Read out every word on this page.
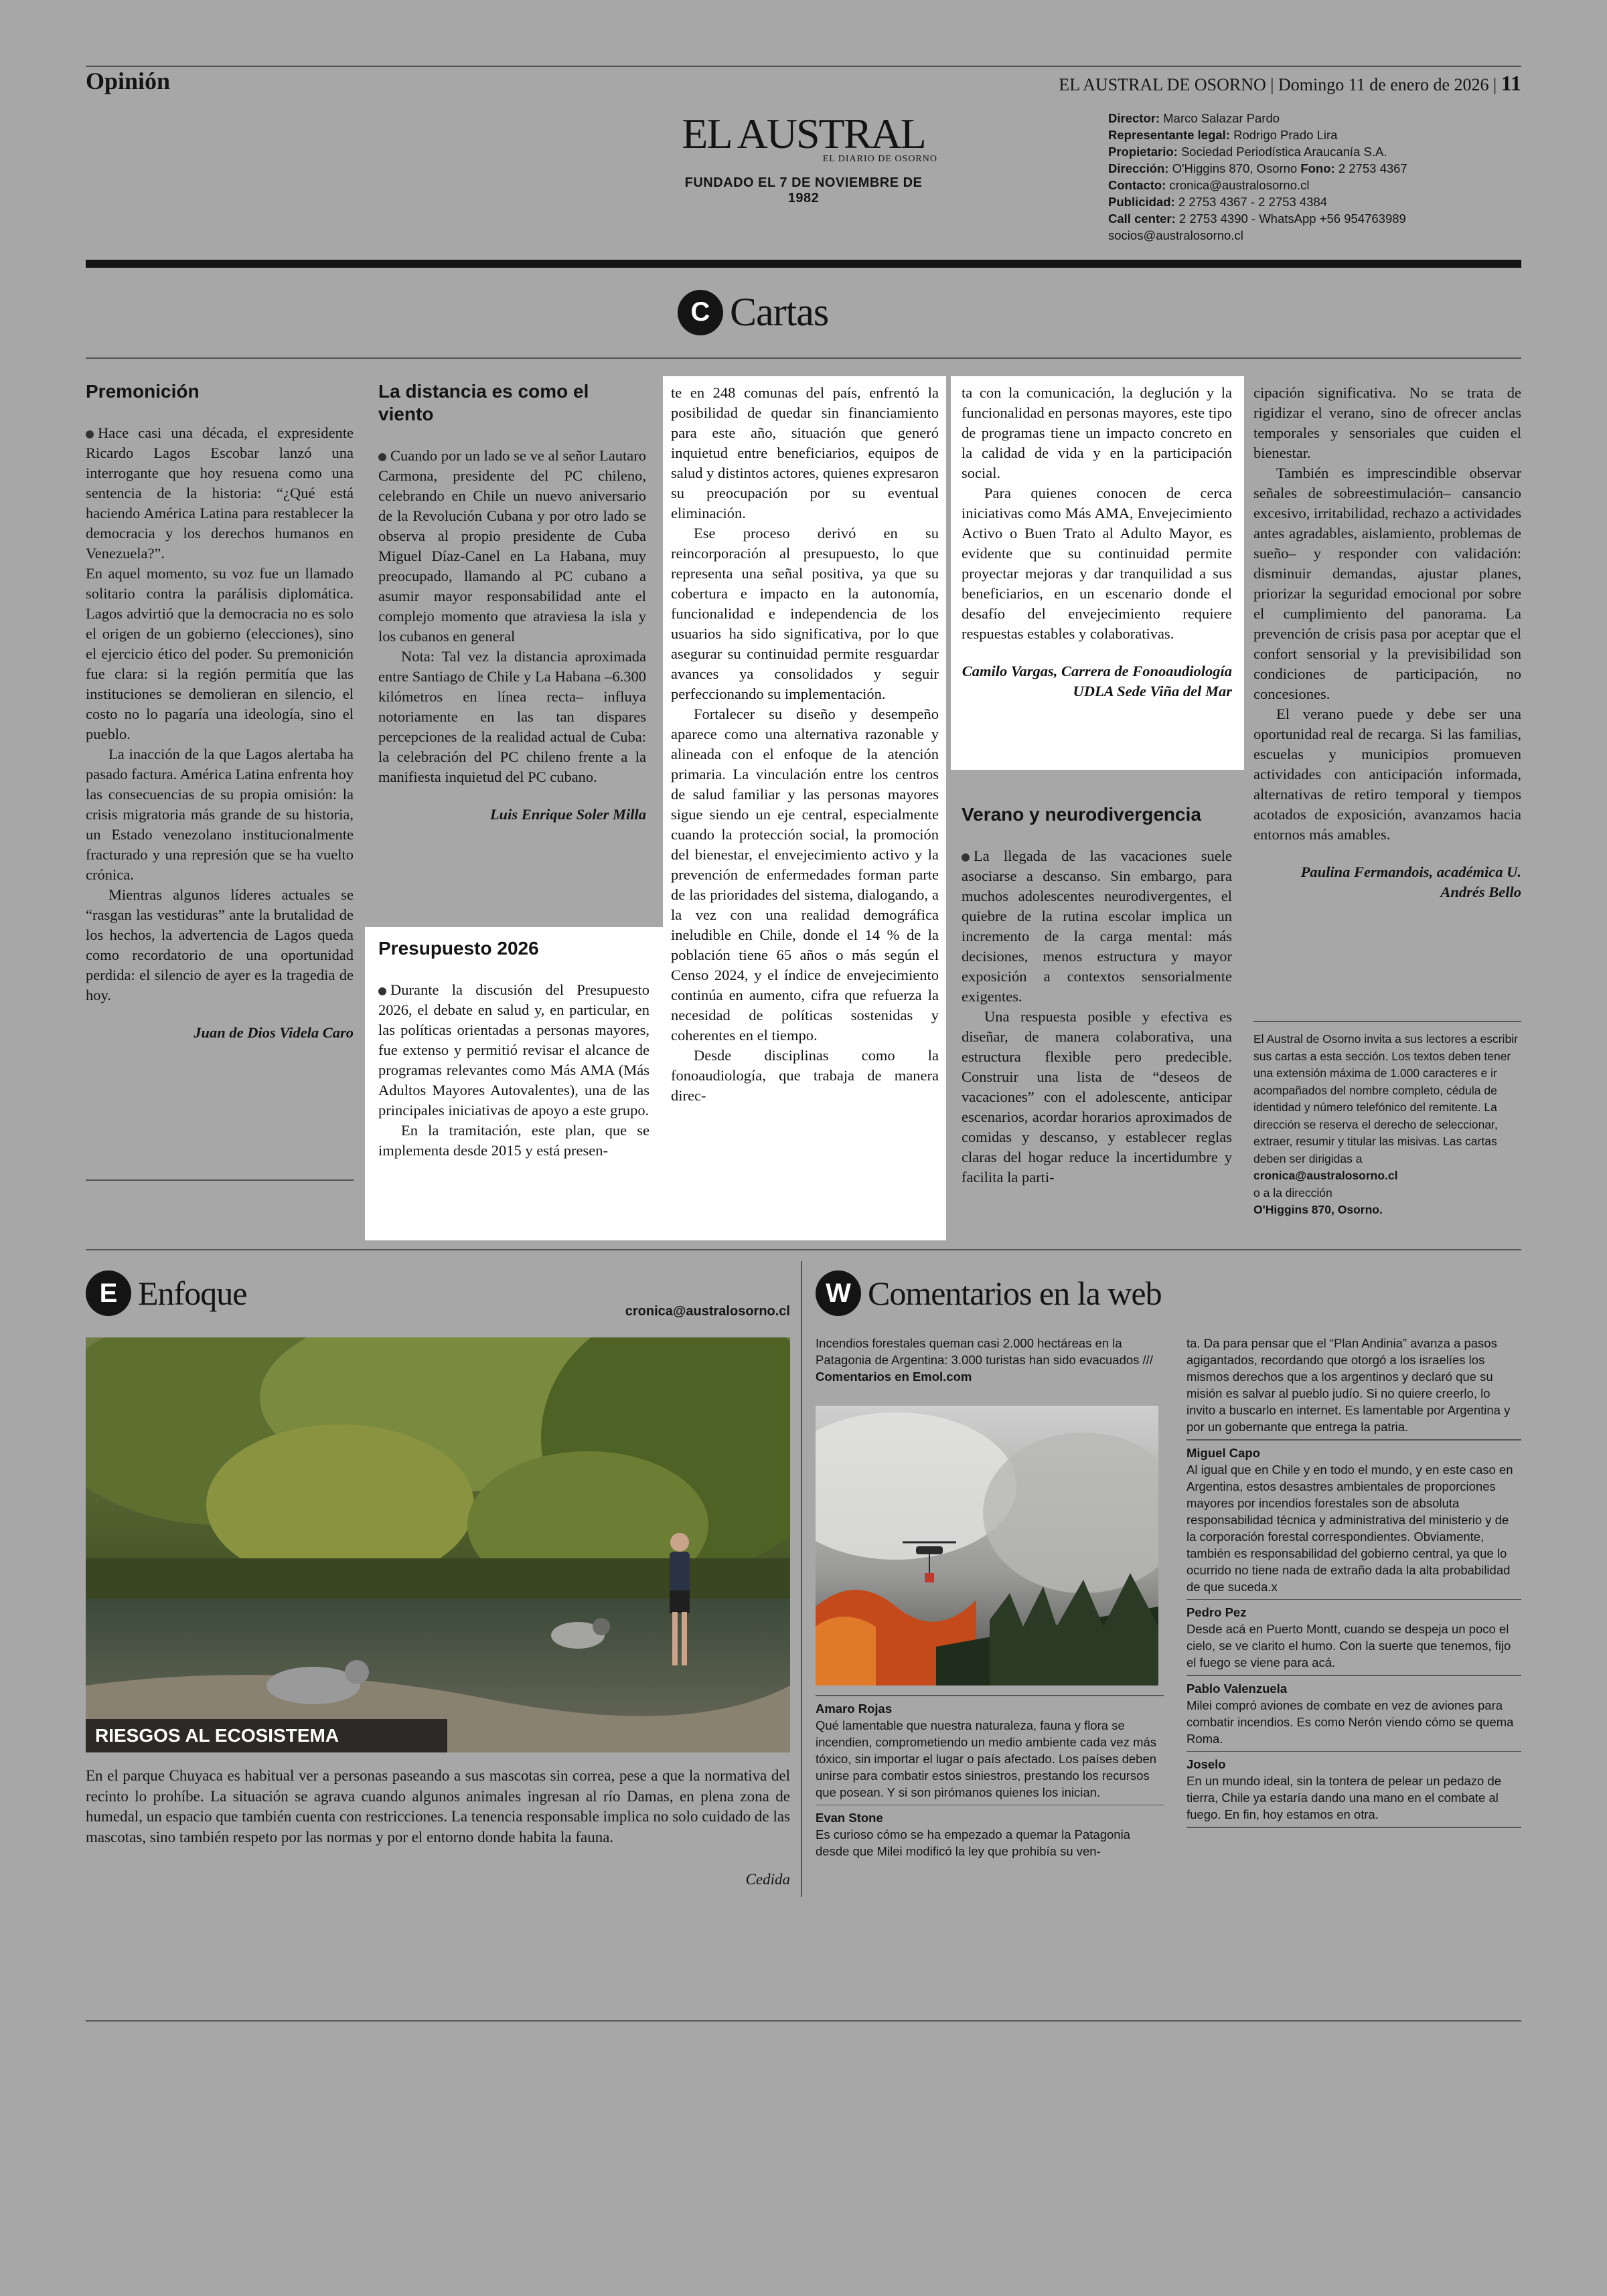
Opinión	EL AUSTRAL DE OSORNO | Domingo 11 de enero de 2026 | 11
EL AUSTRAL
EL DIARIO DE OSORNO
FUNDADO EL 7 DE NOVIEMBRE DE 1982
Director: Marco Salazar Pardo
Representante legal: Rodrigo Prado Lira
Propietario: Sociedad Periodística Araucanía S.A.
Dirección: O'Higgins 870, Osorno Fono: 2 2753 4367
Contacto: cronica@australosorno.cl
Publicidad: 2 2753 4367 - 2 2753 4384
Call center: 2 2753 4390 - WhatsApp +56 954763989
socios@australosorno.cl
C Cartas
Premonición

Hace casi una década, el expresidente Ricardo Lagos Escobar lanzó una interrogante que hoy resuena como una sentencia de la historia: “¿Qué está haciendo América Latina para restablecer la democracia y los derechos humanos en Venezuela?”.

En aquel momento, su voz fue un llamado solitario contra la parálisis diplomática. Lagos advirtió que la democracia no es solo el origen de un gobierno (elecciones), sino el ejercicio ético del poder. Su premonición fue clara: si la región permitía que las instituciones se demolieran en silencio, el costo no lo pagaría una ideología, sino el pueblo.

La inacción de la que Lagos alertaba ha pasado factura. América Latina enfrenta hoy las consecuencias de su propia omisión: la crisis migratoria más grande de su historia, un Estado venezolano institucionalmente fracturado y una represión que se ha vuelto crónica.

Mientras algunos líderes actuales se “rasgan las vestiduras” ante la brutalidad de los hechos, la advertencia de Lagos queda como recordatorio de una oportunidad perdida: el silencio de ayer es la tragedia de hoy.

Juan de Dios Videla Caro
La distancia es como el viento

Cuando por un lado se ve al señor Lautaro Carmona, presidente del PC chileno, celebrando en Chile un nuevo aniversario de la Revolución Cubana y por otro lado se observa al propio presidente de Cuba Miguel Díaz-Canel en La Habana, muy preocupado, llamando al PC cubano a asumir mayor responsabilidad ante el complejo momento que atraviesa la isla y los cubanos en general

Nota: Tal vez la distancia aproximada entre Santiago de Chile y La Habana –6.300 kilómetros en línea recta– influya notoriamente en las tan dispares percepciones de la realidad actual de Cuba: la celebración del PC chileno frente a la manifiesta inquietud del PC cubano.

Luis Enrique Soler Milla
Presupuesto 2026

Durante la discusión del Presupuesto 2026, el debate en salud y, en particular, en las políticas orientadas a personas mayores, fue extenso y permitió revisar el alcance de programas relevantes como Más AMA (Más Adultos Mayores Autovalentes), una de las principales iniciativas de apoyo a este grupo.

En la tramitación, este plan, que se implementa desde 2015 y está presen-

te en 248 comunas del país, enfrentó la posibilidad de quedar sin financiamiento para este año, situación que generó inquietud entre beneficiarios, equipos de salud y distintos actores, quienes expresaron su preocupación por su eventual eliminación.

Ese proceso derivó en su reincorporación al presupuesto, lo que representa una señal positiva, ya que su cobertura e impacto en la autonomía, funcionalidad e independencia de los usuarios ha sido significativa, por lo que asegurar su continuidad permite resguardar avances ya consolidados y seguir perfeccionando su implementación.

Fortalecer su diseño y desempeño aparece como una alternativa razonable y alineada con el enfoque de la atención primaria. La vinculación entre los centros de salud familiar y las personas mayores sigue siendo un eje central, especialmente cuando la protección social, la promoción del bienestar, el envejecimiento activo y la prevención de enfermedades forman parte de las prioridades del sistema, dialogando, a la vez con una realidad demográfica ineludible en Chile, donde el 14 % de la población tiene 65 años o más según el Censo 2024, y el índice de envejecimiento continúa en aumento, cifra que refuerza la necesidad de políticas sostenidas y coherentes en el tiempo.

Desde disciplinas como la fonoaudiología, que trabaja de manera direc-

ta con la comunicación, la deglución y la funcionalidad en personas mayores, este tipo de programas tiene un impacto concreto en la calidad de vida y en la participación social.

Para quienes conocen de cerca iniciativas como Más AMA, Envejecimiento Activo o Buen Trato al Adulto Mayor, es evidente que su continuidad permite proyectar mejoras y dar tranquilidad a sus beneficiarios, en un escenario donde el desafío del envejecimiento requiere respuestas estables y colaborativas.

Camilo Vargas, Carrera de Fonoaudiología UDLA Sede Viña del Mar
Verano y neurodivergencia

La llegada de las vacaciones suele asociarse a descanso. Sin embargo, para muchos adolescentes neurodivergentes, el quiebre de la rutina escolar implica un incremento de la carga mental: más decisiones, menos estructura y mayor exposición a contextos sensorialmente exigentes.

Una respuesta posible y efectiva es diseñar, de manera colaborativa, una estructura flexible pero predecible. Construir una lista de “deseos de vacaciones” con el adolescente, anticipar escenarios, acordar horarios aproximados de comidas y descanso, y establecer reglas claras del hogar reduce la incertidumbre y facilita la parti-

cipación significativa. No se trata de rigidizar el verano, sino de ofrecer anclas temporales y sensoriales que cuiden el bienestar.

También es imprescindible observar señales de sobreestimulación– cansancio excesivo, irritabilidad, rechazo a actividades antes agradables, aislamiento, problemas de sueño– y responder con validación: disminuir demandas, ajustar planes, priorizar la seguridad emocional por sobre el cumplimiento del panorama. La prevención de crisis pasa por aceptar que el confort sensorial y la previsibilidad son condiciones de participación, no concesiones.

El verano puede y debe ser una oportunidad real de recarga. Si las familias, escuelas y municipios promueven actividades con anticipación informada, alternativas de retiro temporal y tiempos acotados de exposición, avanzamos hacia entornos más amables.

Paulina Fermandois, académica U. Andrés Bello
El Austral de Osorno invita a sus lectores a escribir sus cartas a esta sección. Los textos deben tener una extensión máxima de 1.000 caracteres e ir acompañados del nombre completo, cédula de identidad y número telefónico del remitente. La dirección se reserva el derecho de seleccionar, extraer, resumir y titular las misivas. Las cartas deben ser dirigidas a
cronica@australosorno.cl
o a la dirección
O'Higgins 870, Osorno.
E Enfoque	cronica@australosorno.cl
RIESGOS AL ECOSISTEMA
En el parque Chuyaca es habitual ver a personas paseando a sus mascotas sin correa, pese a que la normativa del recinto lo prohíbe. La situación se agrava cuando algunos animales ingresan al río Damas, en plena zona de humedal, un espacio que también cuenta con restricciones. La tenencia responsable implica no solo cuidado de las mascotas, sino también respeto por las normas y por el entorno donde habita la fauna.
Cedida
W Comentarios en la web
Incendios forestales queman casi 2.000 hectáreas en la Patagonia de Argentina: 3.000 turistas han sido evacuados /// Comentarios en Emol.com

Amaro Rojas

Qué lamentable que nuestra naturaleza, fauna y flora se incendien, comprometiendo un medio ambiente cada vez más tóxico, sin importar el lugar o país afectado. Los países deben unirse para combatir estos siniestros, prestando los recursos que posean. Y si son pirómanos quienes los inician.

Evan Stone

Es curioso cómo se ha empezado a quemar la Patagonia desde que Milei modificó la ley que prohibía su ven-

ta. Da para pensar que el “Plan Andinia” avanza a pasos agigantados, recordando que otorgó a los israelíes los mismos derechos que a los argentinos y declaró que su misión es salvar al pueblo judío. Si no quiere creerlo, lo invito a buscarlo en internet. Es lamentable por Argentina y por un gobernante que entrega la patria.

Miguel Capo

Al igual que en Chile y en todo el mundo, y en este caso en Argentina, estos desastres ambientales de proporciones mayores por incendios forestales son de absoluta responsabilidad técnica y administrativa del ministerio y de la corporación forestal correspondientes. Obviamente, también es responsabilidad del gobierno central, ya que lo ocurrido no tiene nada de extraño dada la alta probabilidad de que suceda.x

Pedro Pez

Desde acá en Puerto Montt, cuando se despeja un poco el cielo, se ve clarito el humo. Con la suerte que tenemos, fijo el fuego se viene para acá.

Pablo Valenzuela

Milei compró aviones de combate en vez de aviones para combatir incendios. Es como Nerón viendo cómo se quema Roma.

Joselo

En un mundo ideal, sin la tontera de pelear un pedazo de tierra, Chile ya estaría dando una mano en el combate al fuego. En fin, hoy estamos en otra.
